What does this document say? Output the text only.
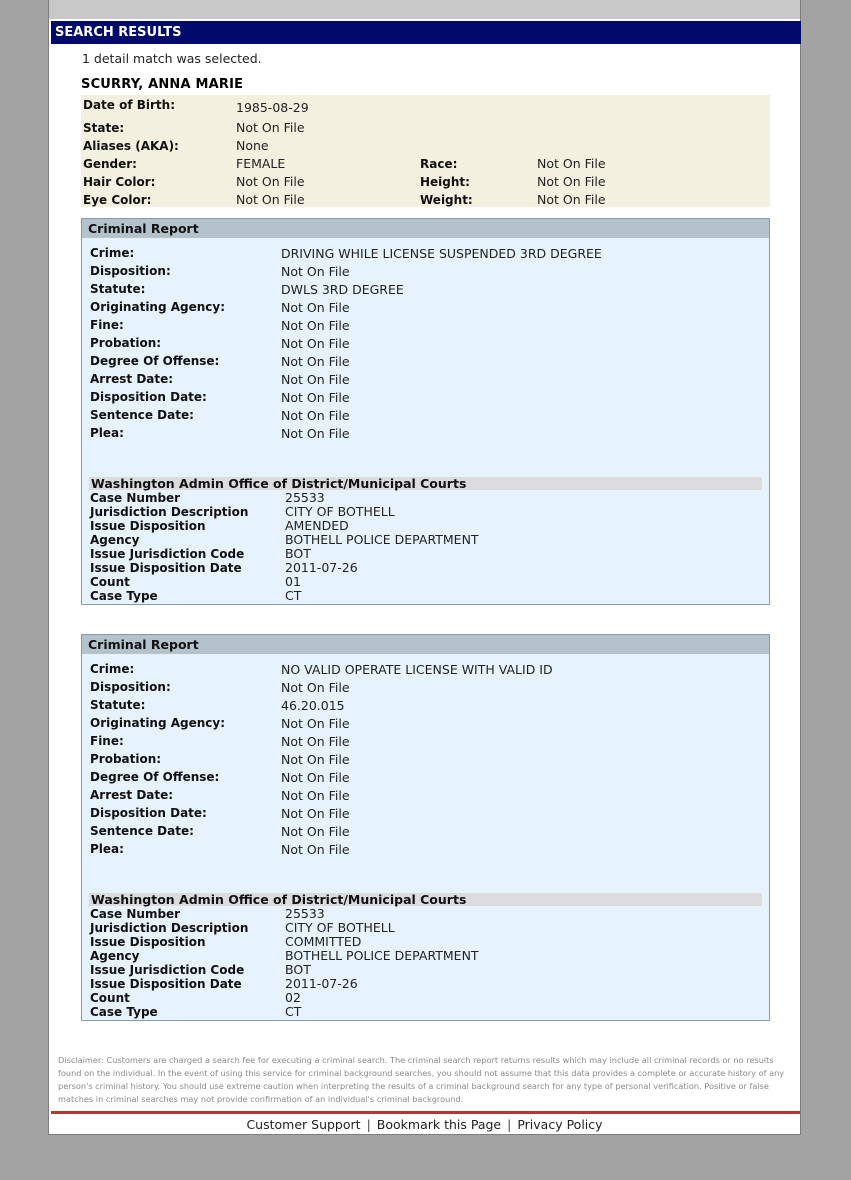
SEARCH RESULTS
1 detail match was selected.
SCURRY, ANNA MARIE
Date of Birth:	1985-08-29
State:	Not On File
Aliases (AKA):	None
Gender:	FEMALE	Race:	Not On File
Hair Color:	Not On File	Height:	Not On File
Eye Color:	Not On File	Weight:	Not On File
Criminal Report
Crime:	DRIVING WHILE LICENSE SUSPENDED 3RD DEGREE
Disposition:	Not On File
Statute:	DWLS 3RD DEGREE
Originating Agency:	Not On File
Fine:	Not On File
Probation:	Not On File
Degree Of Offense:	Not On File
Arrest Date:	Not On File
Disposition Date:	Not On File
Sentence Date:	Not On File
Plea:	Not On File
Washington Admin Office of District/Municipal Courts
Case Number	25533
Jurisdiction Description	CITY OF BOTHELL
Issue Disposition	AMENDED
Agency	BOTHELL POLICE DEPARTMENT
Issue Jurisdiction Code	BOT
Issue Disposition Date	2011-07-26
Count	01
Case Type	CT
Criminal Report
Crime:	NO VALID OPERATE LICENSE WITH VALID ID
Disposition:	Not On File
Statute:	46.20.015
Originating Agency:	Not On File
Fine:	Not On File
Probation:	Not On File
Degree Of Offense:	Not On File
Arrest Date:	Not On File
Disposition Date:	Not On File
Sentence Date:	Not On File
Plea:	Not On File
Washington Admin Office of District/Municipal Courts
Case Number	25533
Jurisdiction Description	CITY OF BOTHELL
Issue Disposition	COMMITTED
Agency	BOTHELL POLICE DEPARTMENT
Issue Jurisdiction Code	BOT
Issue Disposition Date	2011-07-26
Count	02
Case Type	CT
Disclaimer: Customers are charged a search fee for executing a criminal search. The criminal search report returns results which may include all criminal records or no results found on the individual. In the event of using this service for criminal background searches, you should not assume that this data provides a complete or accurate history of any person's criminal history. You should use extreme caution when interpreting the results of a criminal background search for any type of personal verification. Positive or false matches in criminal searches may not provide confirmation of an individual's criminal background.
Customer Support | Bookmark this Page | Privacy Policy
